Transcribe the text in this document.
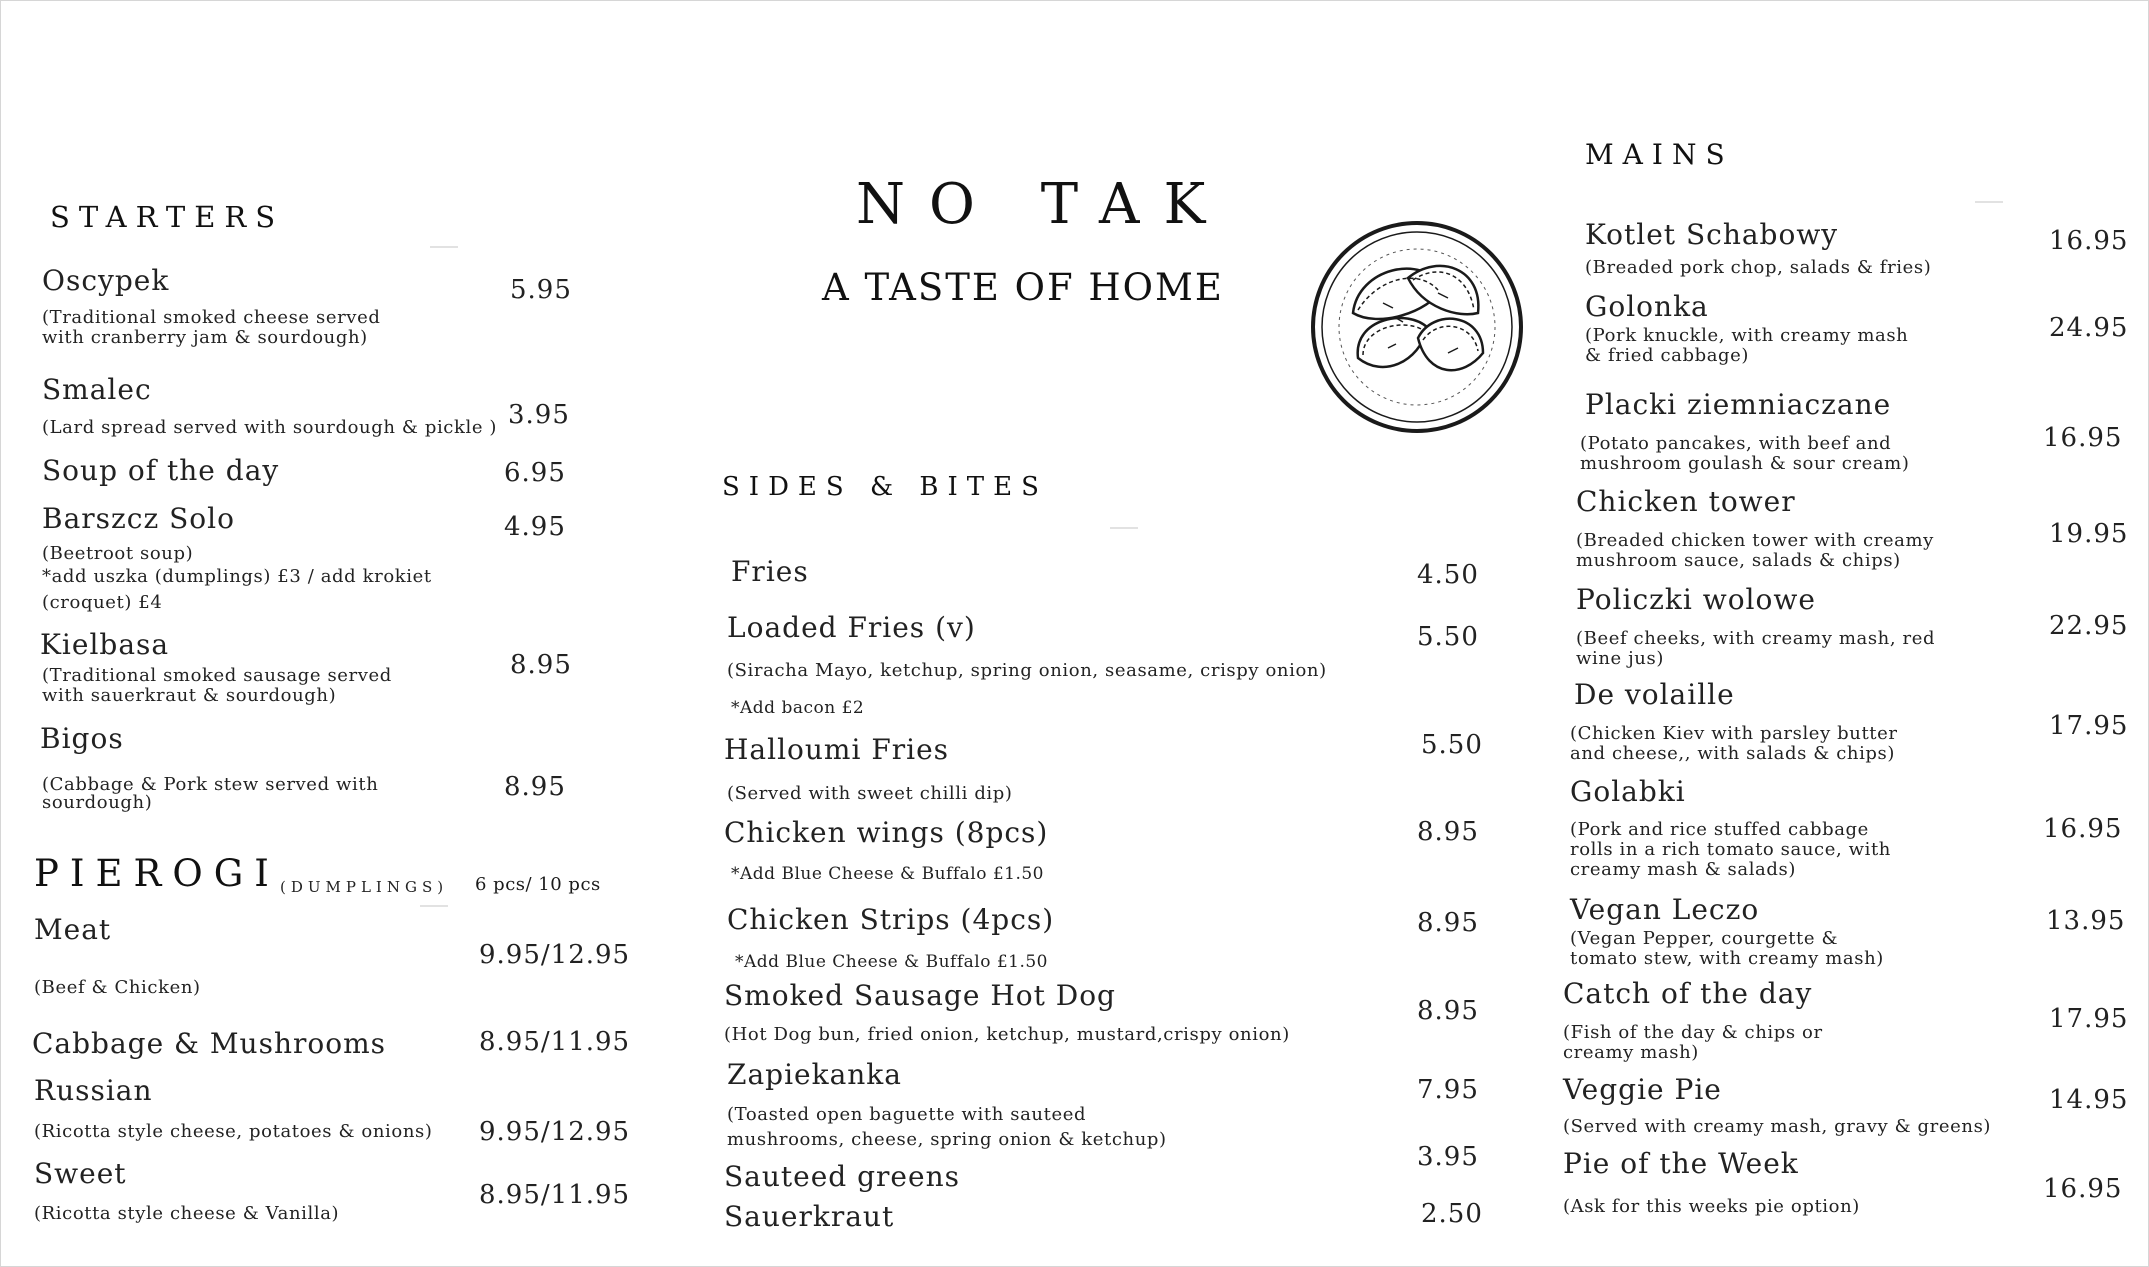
NO TAK
A TASTE OF HOME
STARTERS
Oscypek	5.95
(Traditional smoked cheese served
with cranberry jam & sourdough)
Smalec
3.95
(Lard spread served with sourdough & pickle )
Soup of the day	6.95
Barszcz Solo	4.95
(Beetroot soup)
*add uszka (dumplings) £3 / add krokiet
(croquet) £4
Kielbasa
8.95
(Traditional smoked sausage served
with sauerkraut & sourdough)
Bigos
8.95
(Cabbage & Pork stew served with
sourdough)
PIEROGI (DUMPLINGS) 6 pcs/ 10 pcs
Meat
9.95/12.95
(Beef & Chicken)
Cabbage & Mushrooms	8.95/11.95
Russian
9.95/12.95
(Ricotta style cheese, potatoes & onions)
Sweet
8.95/11.95
(Ricotta style cheese & Vanilla)
SIDES & BITES
Fries	4.50
Loaded Fries (v)	5.50
(Siracha Mayo, ketchup, spring onion, seasame, crispy onion)
*Add bacon £2
Halloumi Fries	5.50
(Served with sweet chilli dip)
Chicken wings (8pcs)	8.95
*Add Blue Cheese & Buffalo £1.50
Chicken Strips (4pcs)	8.95
*Add Blue Cheese & Buffalo £1.50
Smoked Sausage Hot Dog	8.95
(Hot Dog bun, fried onion, ketchup, mustard,crispy onion)
Zapiekanka	7.95
(Toasted open baguette with sauteed
mushrooms, cheese, spring onion & ketchup)
Sauteed greens
3.95
Sauerkraut	2.50
MAINS
Kotlet Schabowy	16.95
(Breaded pork chop, salads & fries)
Golonka
24.95
(Pork knuckle, with creamy mash
& fried cabbage)
Placki ziemniaczane
16.95
(Potato pancakes, with beef and
mushroom goulash & sour cream)
Chicken tower
19.95
(Breaded chicken tower with creamy
mushroom sauce, salads & chips)
Policzki wolowe
22.95
(Beef cheeks, with creamy mash, red
wine jus)
De volaille
17.95
(Chicken Kiev with parsley butter
and cheese,, with salads & chips)
Golabki
16.95
(Pork and rice stuffed cabbage
rolls in a rich tomato sauce, with
creamy mash & salads)
Vegan Leczo	13.95
(Vegan Pepper, courgette &
tomato stew, with creamy mash)
Catch of the day
17.95
(Fish of the day & chips or
creamy mash)
Veggie Pie	14.95
(Served with creamy mash, gravy & greens)
Pie of the Week
16.95
(Ask for this weeks pie option)
